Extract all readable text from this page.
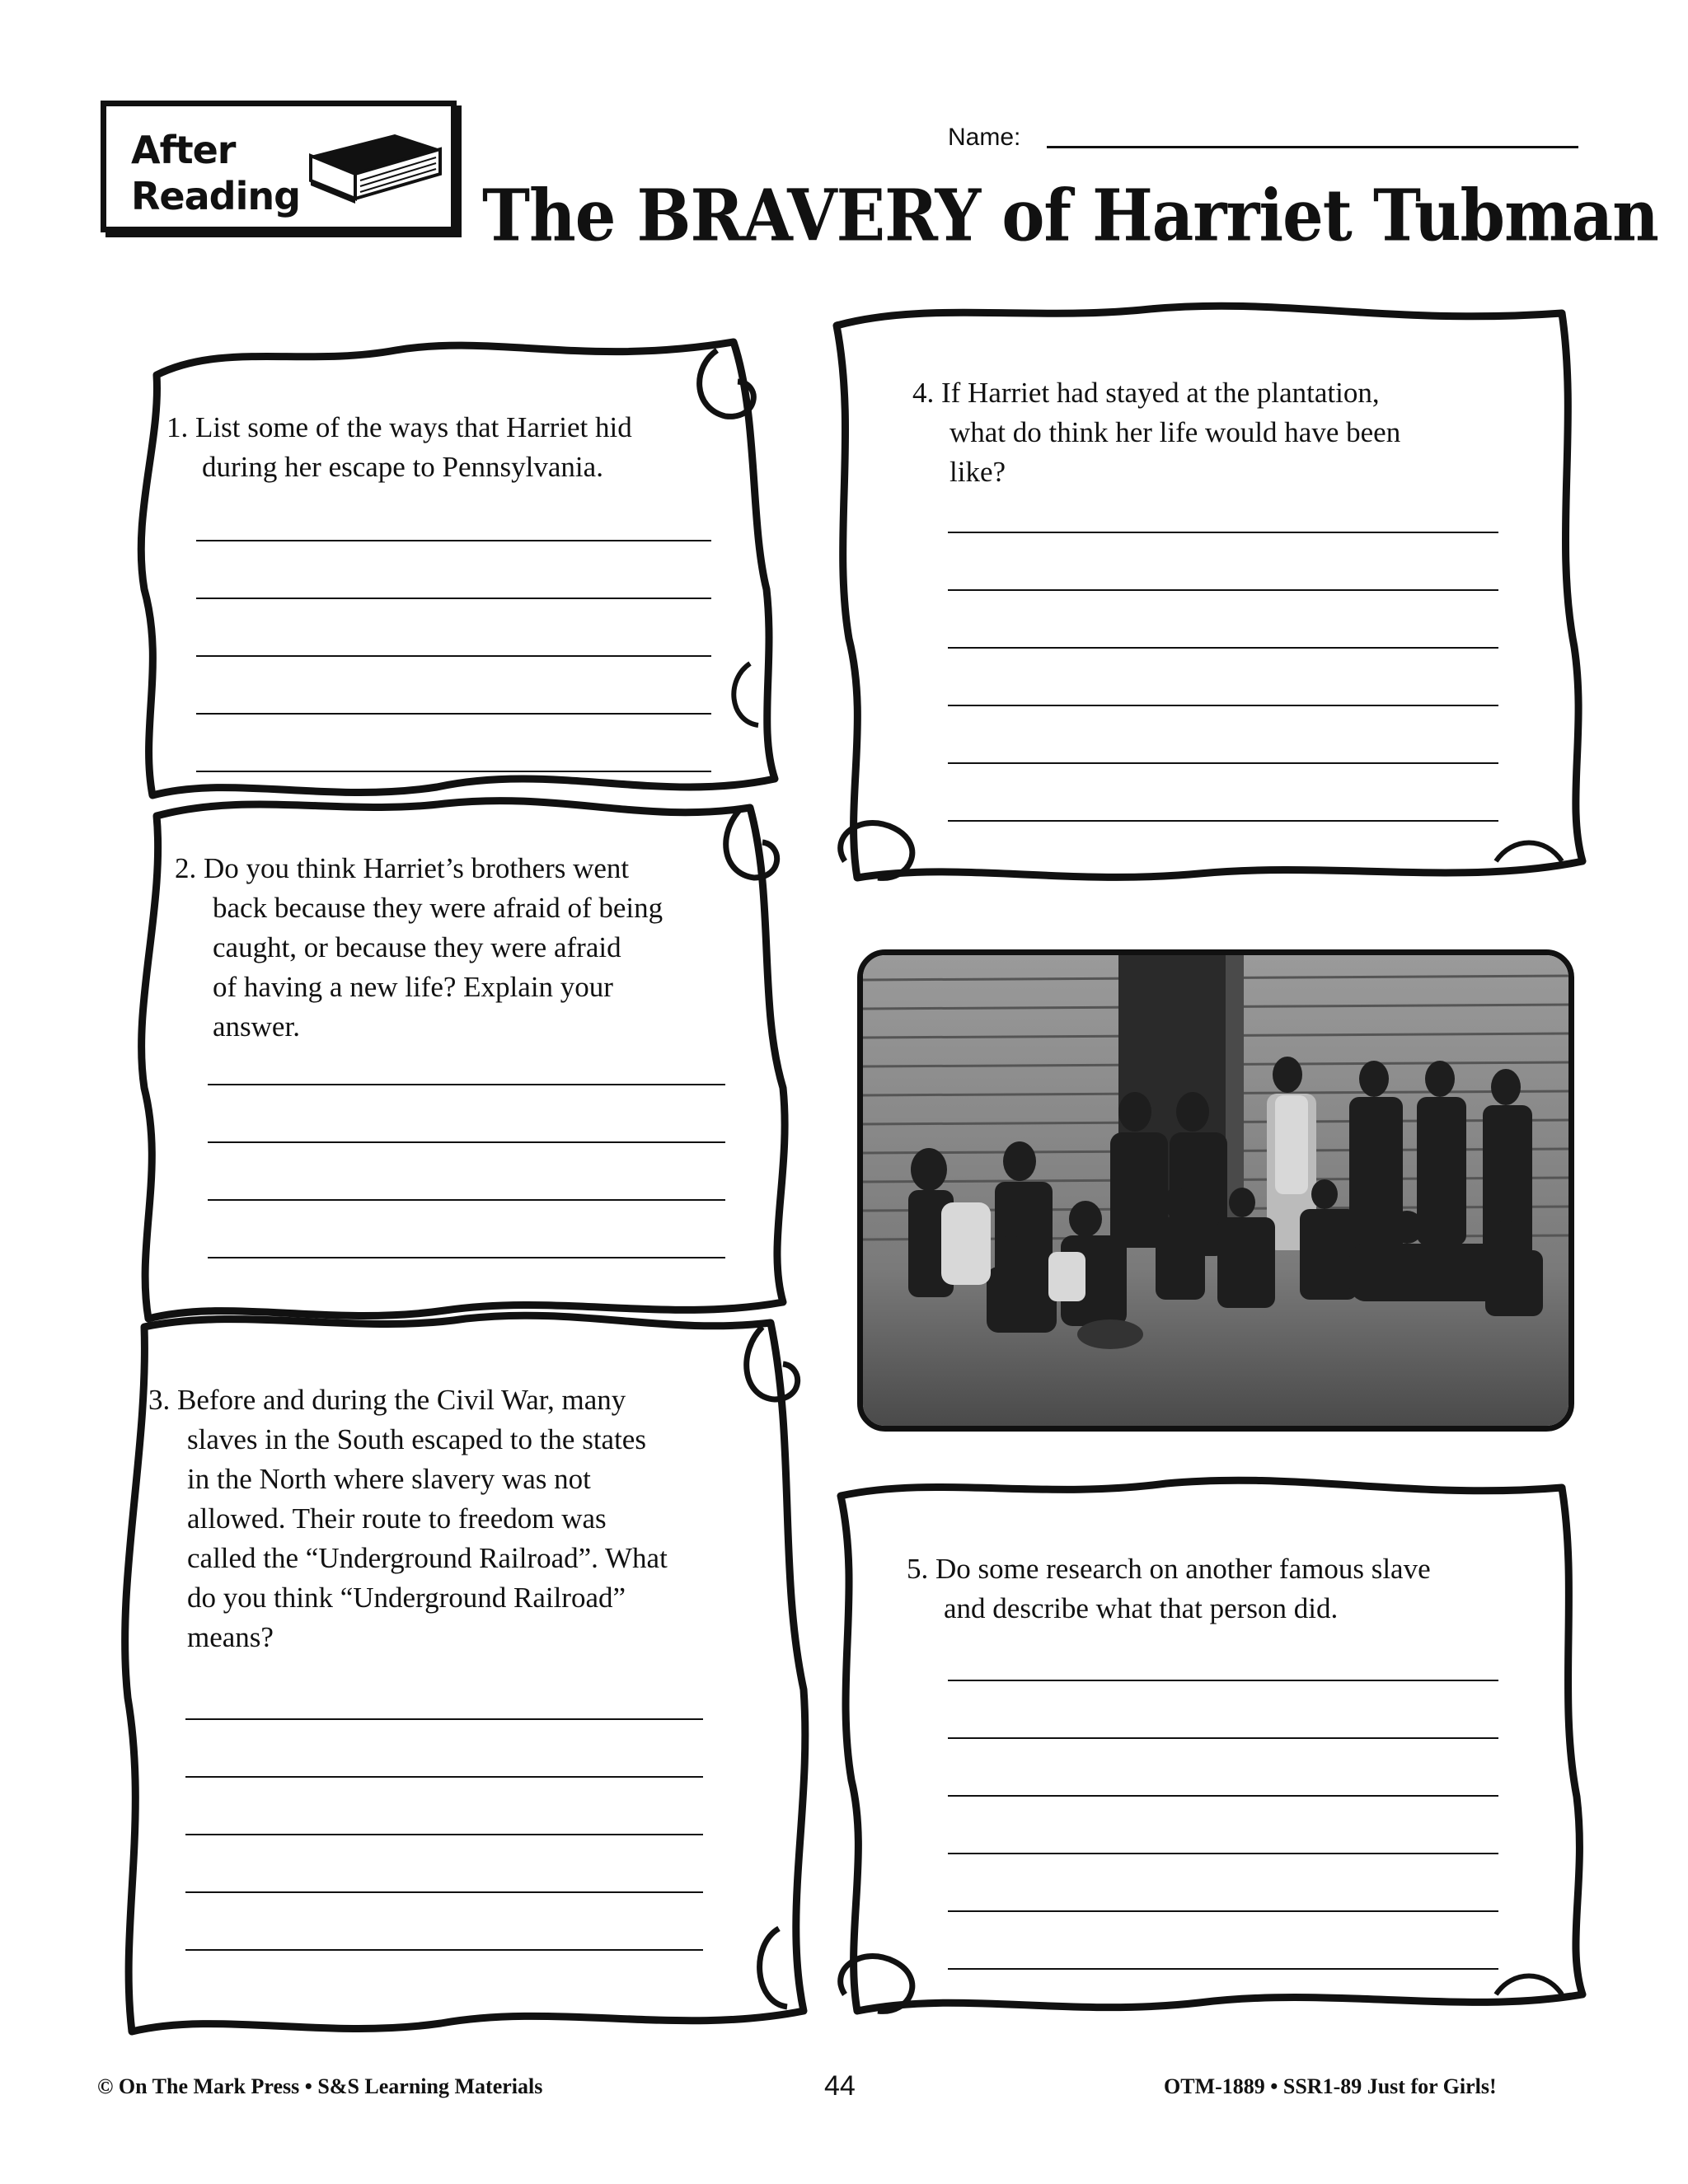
After
Reading
Name:
The BRAVERY of Harriet Tubman
1. List some of the ways that Harriet hid
during her escape to Pennsylvania.
2. Do you think Harriet’s brothers went
back because they were afraid of being
caught, or because they were afraid
of having a new life? Explain your
answer.
3. Before and during the Civil War, many
slaves in the South escaped to the states
in the North where slavery was not
allowed. Their route to freedom was
called the “Underground Railroad”. What
do you think “Underground Railroad”
means?
4. If Harriet had stayed at the plantation,
what do think her life would have been
like?
5. Do some research on another famous slave
and describe what that person did.
© On The Mark Press • S&S Learning Materials	44	OTM-1889 • SSR1-89 Just for Girls!
